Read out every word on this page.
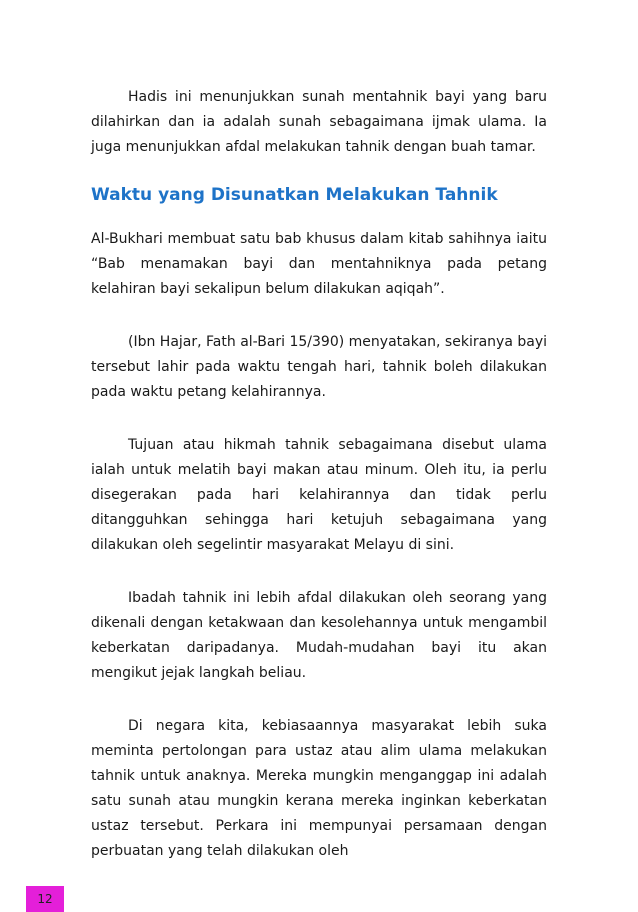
Hadis ini menunjukkan sunah mentahnik bayi yang baru dilahirkan dan ia adalah sunah sebagaimana ijmak ulama. Ia juga menunjukkan afdal melakukan tahnik dengan buah tamar.

Waktu yang Disunatkan Melakukan Tahnik

Al-Bukhari membuat satu bab khusus dalam kitab sahihnya iaitu “Bab menamakan bayi dan mentahniknya pada petang kelahiran bayi sekalipun belum dilakukan aqiqah”.

(Ibn Hajar, Fath al-Bari 15/390) menyatakan, sekiranya bayi tersebut lahir pada waktu tengah hari, tahnik boleh dilakukan pada waktu petang kelahirannya.

Tujuan atau hikmah tahnik sebagaimana disebut ulama ialah untuk melatih bayi makan atau minum. Oleh itu, ia perlu disegerakan pada hari kelahirannya dan tidak perlu ditangguhkan sehingga hari ketujuh sebagaimana yang dilakukan oleh segelintir masyarakat Melayu di sini.

Ibadah tahnik ini lebih afdal dilakukan oleh seorang yang dikenali dengan ketakwaan dan kesolehannya untuk mengambil keberkatan daripadanya. Mudah-mudahan bayi itu akan mengikut jejak langkah beliau.

Di negara kita, kebiasaannya masyarakat lebih suka meminta pertolongan para ustaz atau alim ulama melakukan tahnik untuk anaknya. Mereka mungkin menganggap ini adalah satu sunah atau mungkin kerana mereka inginkan keberkatan ustaz tersebut. Perkara ini mempunyai persamaan dengan perbuatan yang telah dilakukan oleh

12
